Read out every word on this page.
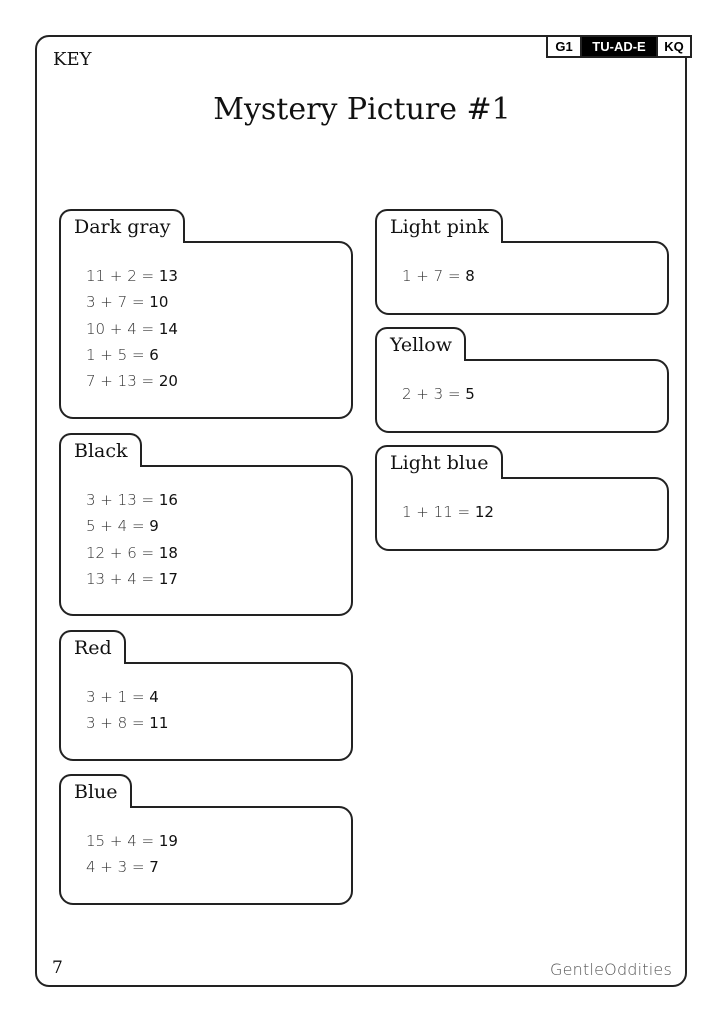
G1	TU-AD-E	KQ
KEY
Mystery Picture #1
Dark gray
11 + 2 = 13
3 + 7 = 10
10 + 4 = 14
1 + 5 = 6
7 + 13 = 20
Black
3 + 13 = 16
5 + 4 = 9
12 + 6 = 18
13 + 4 = 17
Red
3 + 1 = 4
3 + 8 = 11
Blue
15 + 4 = 19
4 + 3 = 7
Light pink
1 + 7 = 8
Yellow
2 + 3 = 5
Light blue
1 + 11 = 12
7	GentleOddities
